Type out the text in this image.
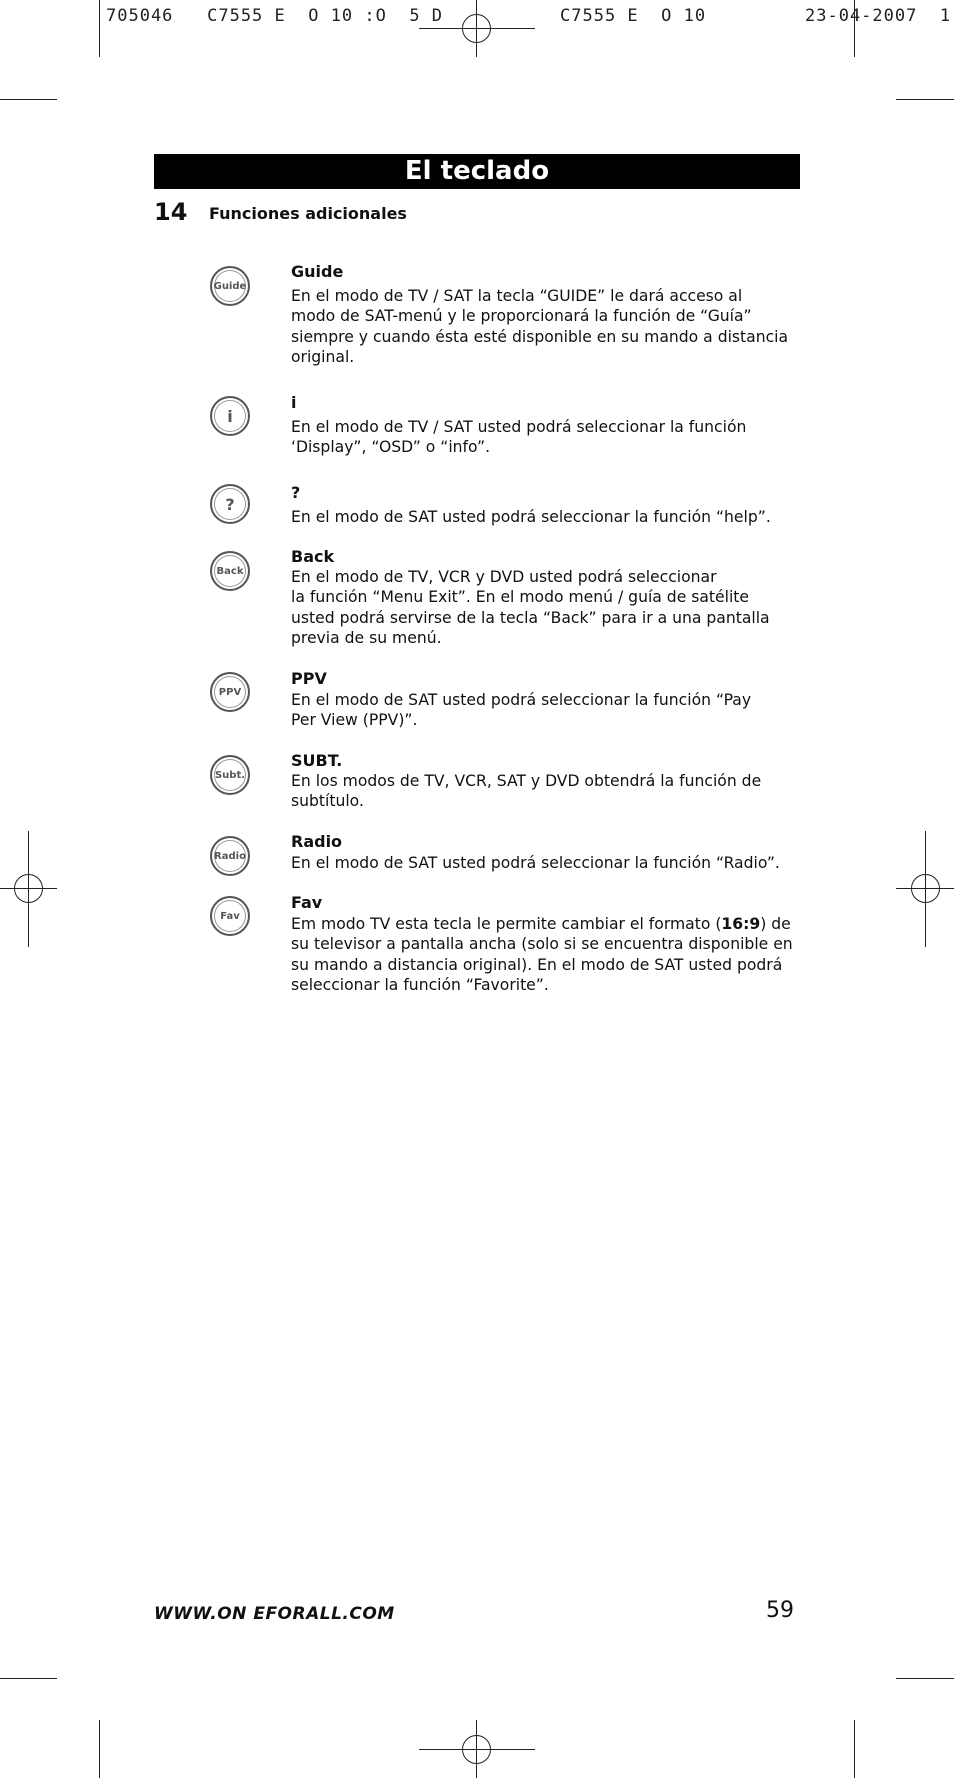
705046   C7555 E  O 10 :O  5 D	C7555 E  O 10	23-04-2007  1
El teclado
14 Funciones adicionales
Guide
Guide
En el modo de TV / SAT la tecla “GUIDE” le dará acceso al
modo de SAT-menú y le proporcionará la función de “Guía”
siempre y cuando ésta esté disponible en su mando a distancia
original.
i
i
En el modo de TV / SAT usted podrá seleccionar la función
‘Display”, “OSD” o “info”.
?
?
En el modo de SAT usted podrá seleccionar la función “help”.
Back
Back
En el modo de TV, VCR y DVD usted podrá seleccionar
la función “Menu Exit”. En el modo menú / guía de satélite
usted podrá servirse de la tecla “Back” para ir a una pantalla
previa de su menú.
PPV
PPV
En el modo de SAT usted podrá seleccionar la función “Pay
Per View (PPV)”.
Subt.
SUBT.
En los modos de TV, VCR, SAT y DVD obtendrá la función de
subtítulo.
Radio
Radio
En el modo de SAT usted podrá seleccionar la función “Radio”.
Fav
Fav
Em modo TV esta tecla le permite cambiar el formato (16:9) de
su televisor a pantalla ancha (solo si se encuentra disponible en
su mando a distancia original). En el modo de SAT usted podrá
seleccionar la función “Favorite”.
WWW.ON EFORALL.COM	59
